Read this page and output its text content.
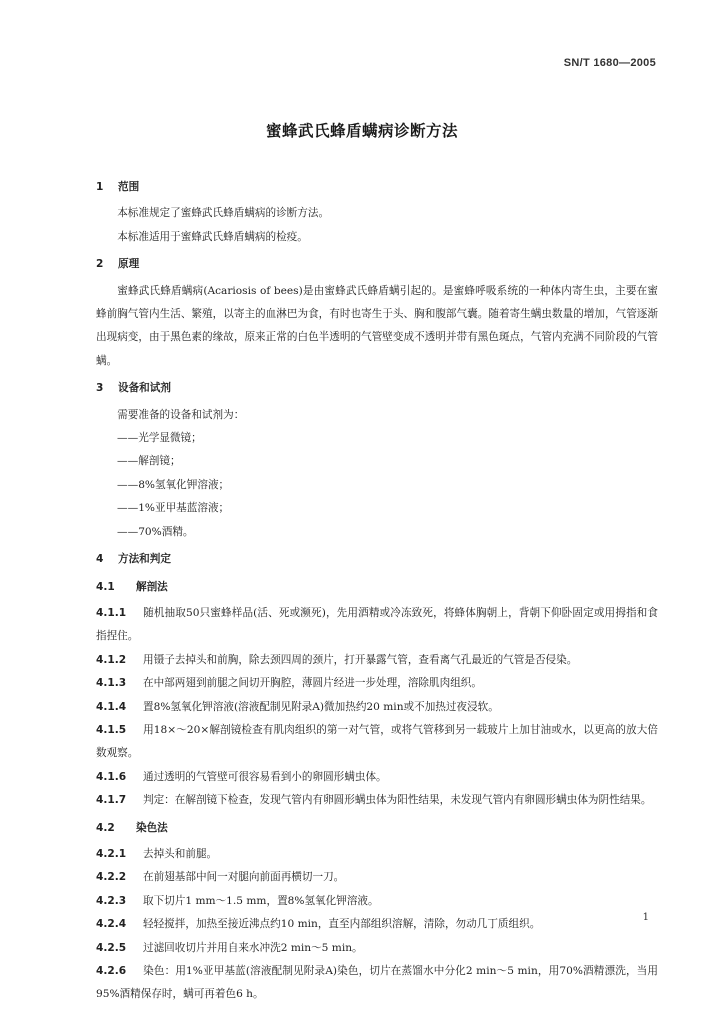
SN/T 1680—2005
蜜蜂武氏蜂盾螨病诊断方法
1 范围

本标准规定了蜜蜂武氏蜂盾螨病的诊断方法。

本标准适用于蜜蜂武氏蜂盾螨病的检疫。

2 原理

蜜蜂武氏蜂盾螨病(Acariosis of bees)是由蜜蜂武氏蜂盾螨引起的。是蜜蜂呼吸系统的一种体内寄生虫，主要在蜜蜂前胸气管内生活、繁殖，以寄主的血淋巴为食，有时也寄生于头、胸和腹部气囊。随着寄生螨虫数量的增加，气管逐渐出现病变，由于黑色素的缘故，原来正常的白色半透明的气管壁变成不透明并带有黑色斑点，气管内充满不同阶段的气管螨。

3 设备和试剂

需要准备的设备和试剂为：

——光学显微镜；

——解剖镜；

——8%氢氧化钾溶液；

——1%亚甲基蓝溶液；

——70%酒精。

4 方法和判定
4.1 解剖法

4.1.1 随机抽取50只蜜蜂样品(活、死或濒死)，先用酒精或冷冻致死，将蜂体胸朝上，背朝下仰卧固定或用拇指和食指捏住。

4.1.2 用镊子去掉头和前胸，除去颈四周的颈片，打开暴露气管，查看离气孔最近的气管是否侵染。

4.1.3 在中部两翅到前腿之间切开胸腔，薄圆片经进一步处理，溶除肌肉组织。

4.1.4 置8%氢氧化钾溶液(溶液配制见附录A)微加热约20 min或不加热过夜浸软。

4.1.5 用18×～20×解剖镜检查有肌肉组织的第一对气管，或将气管移到另一载玻片上加甘油或水，以更高的放大倍数观察。

4.1.6 通过透明的气管壁可很容易看到小的卵圆形螨虫体。

4.1.7 判定：在解剖镜下检查，发现气管内有卵圆形螨虫体为阳性结果，未发现气管内有卵圆形螨虫体为阴性结果。

4.2 染色法

4.2.1 去掉头和前腿。

4.2.2 在前翅基部中间一对腿向前面再横切一刀。

4.2.3 取下切片1 mm～1.5 mm，置8%氢氧化钾溶液。

4.2.4 轻轻搅拌，加热至接近沸点约10 min，直至内部组织溶解，清除，勿动几丁质组织。

4.2.5 过滤回收切片并用自来水冲洗2 min～5 min。

4.2.6 染色：用1%亚甲基蓝(溶液配制见附录A)染色，切片在蒸馏水中分化2 min～5 min，用70%酒精漂洗，当用95%酒精保存时，螨可再着色6 h。

1
